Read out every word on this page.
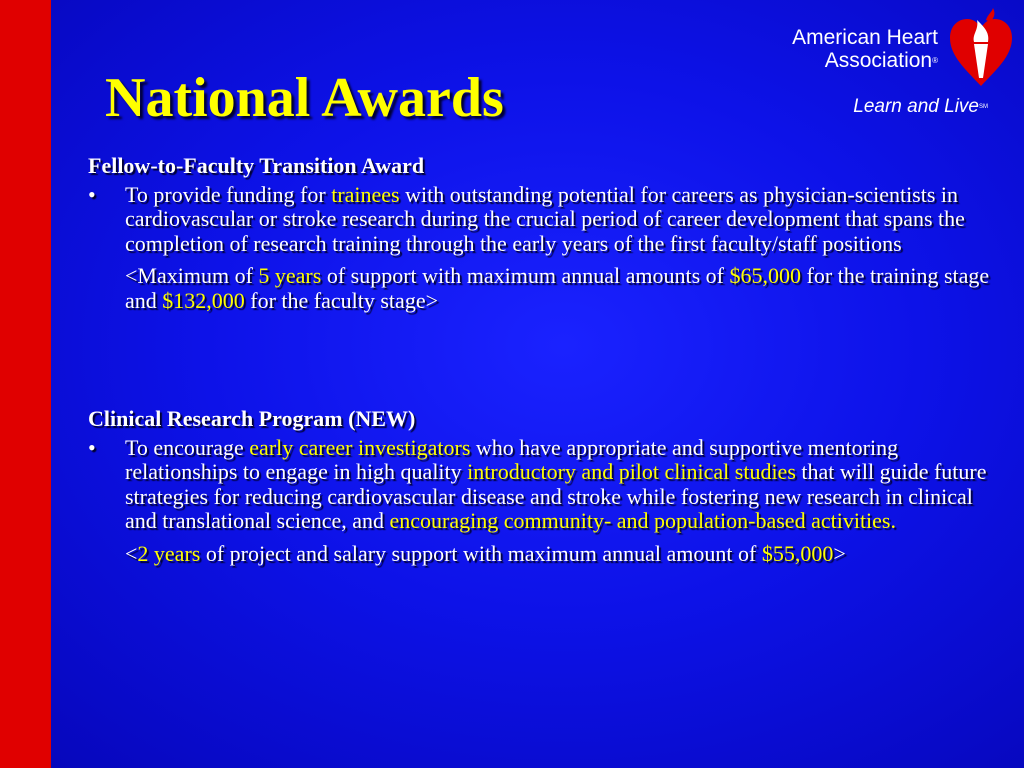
National Awards
American Heart
Association®
Learn and LiveSM

Fellow-to-Faculty Transition Award

• To provide funding for trainees with outstanding potential for careers as physician-scientists in cardiovascular or stroke research during the crucial period of career development that spans the completion of research training through the early years of the first faculty/staff positions
<Maximum of 5 years of support with maximum annual amounts of $65,000 for the training stage and $132,000 for the faculty stage>

Clinical Research Program (NEW)

• To encourage early career investigators who have appropriate and supportive mentoring relationships to engage in high quality introductory and pilot clinical studies that will guide future strategies for reducing cardiovascular disease and stroke while fostering new research in clinical and translational science, and encouraging community- and population-based activities.
<2 years of project and salary support with maximum annual amount of $55,000>
